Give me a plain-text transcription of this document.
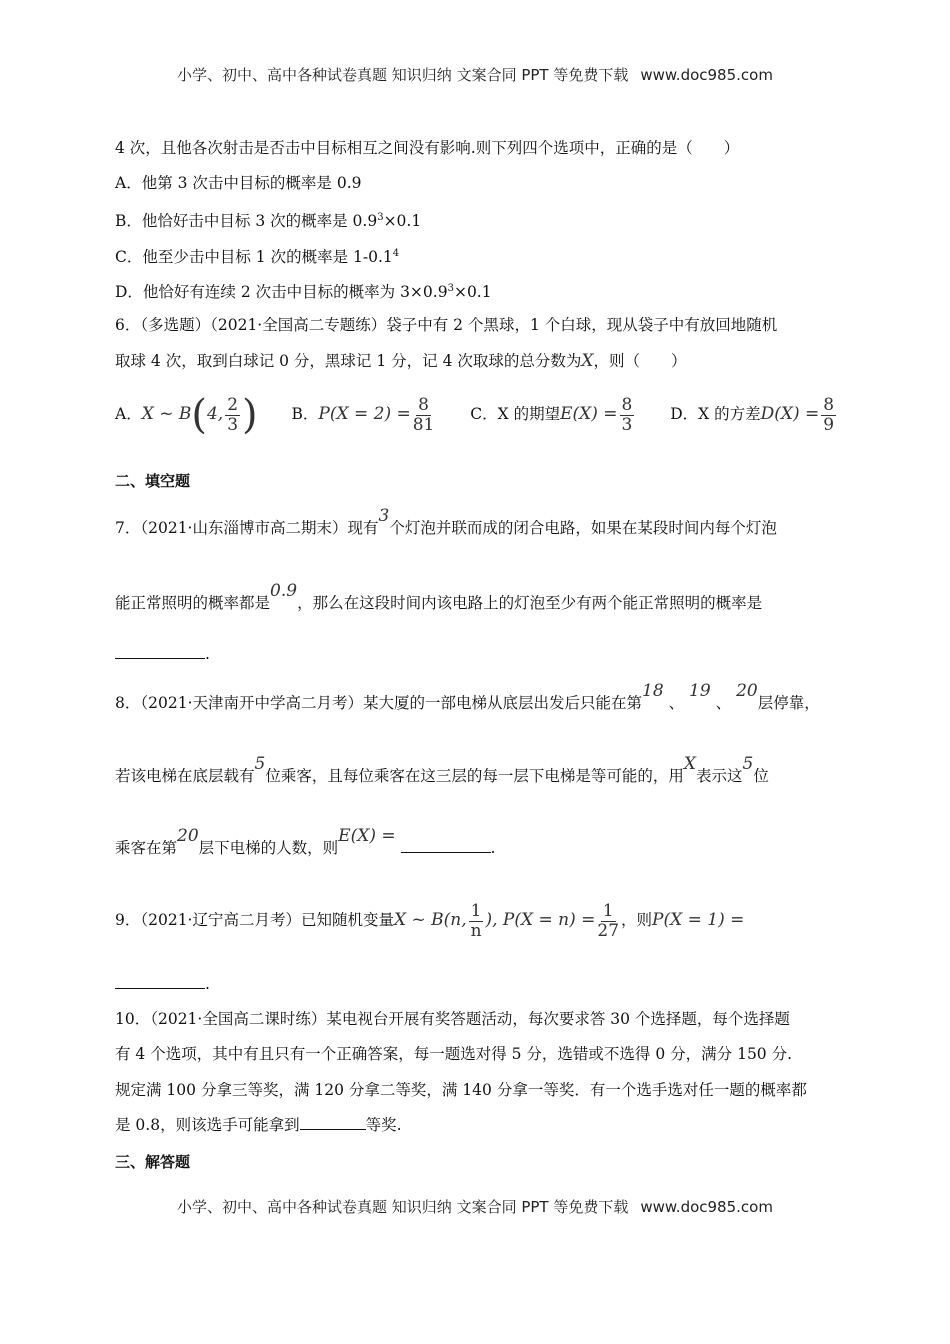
小学、初中、高中各种试卷真题 知识归纳 文案合同 PPT 等免费下载 www.doc985.com
4 次，且他各次射击是否击中目标相互之间没有影响.则下列四个选项中，正确的是（　　）
A．他第 3 次击中目标的概率是 0.9
B．他恰好击中目标 3 次的概率是 $0.9^3\times 0.1$
C．他至少击中目标 1 次的概率是 $1-0.1^4$
D．他恰好有连续 2 次击中目标的概率为 $3\times 0.9^3\times 0.1$
6．（多选题）（2021·全国高二专题练）袋子中有 2 个黑球，1 个白球，现从袋子中有放回地随机
取球 4 次，取到白球记 0 分，黑球记 1 分，记 4 次取球的总分数为X，则（　　）
A．X ~ B(4, $\frac{2}{3}$ ) B．$P(X = 2) = \frac{8}{81}$ C．X 的期望$E(X) = \frac{8}{3}$ D．X 的方差$D(X) = \frac{8}{9}$
二、填空题
7．（2021·山东淄博市高二期末）现有3个灯泡并联而成的闭合电路，如果在某段时间内每个灯泡
能正常照明的概率都是0.9，那么在这段时间内该电路上的灯泡至少有两个能正常照明的概率是
.
8．（2021·天津南开中学高二月考）某大厦的一部电梯从底层出发后只能在第18 、 19 、 20层停靠，
若该电梯在底层载有5位乘客，且每位乘客在这三层的每一层下电梯是等可能的，用X表示这5位
乘客在第20层下电梯的人数，则E(X) = .
9．（2021·辽宁高二月考）已知随机变量X ~ B(n, $\frac{1}{n}$ ), $P(X = n) = \frac{1}{27}$ ，则P(X = 1) =
.
10．（2021·全国高二课时练）某电视台开展有奖答题活动，每次要求答 30 个选择题，每个选择题
有 4 个选项，其中有且只有一个正确答案，每一题选对得 5 分，选错或不选得 0 分，满分 150 分.
规定满 100 分拿三等奖，满 120 分拿二等奖，满 140 分拿一等奖．有一个选手选对任一题的概率都
是 0.8，则该选手可能拿到	等奖.
三、解答题
小学、初中、高中各种试卷真题 知识归纳 文案合同 PPT 等免费下载 www.doc985.com
